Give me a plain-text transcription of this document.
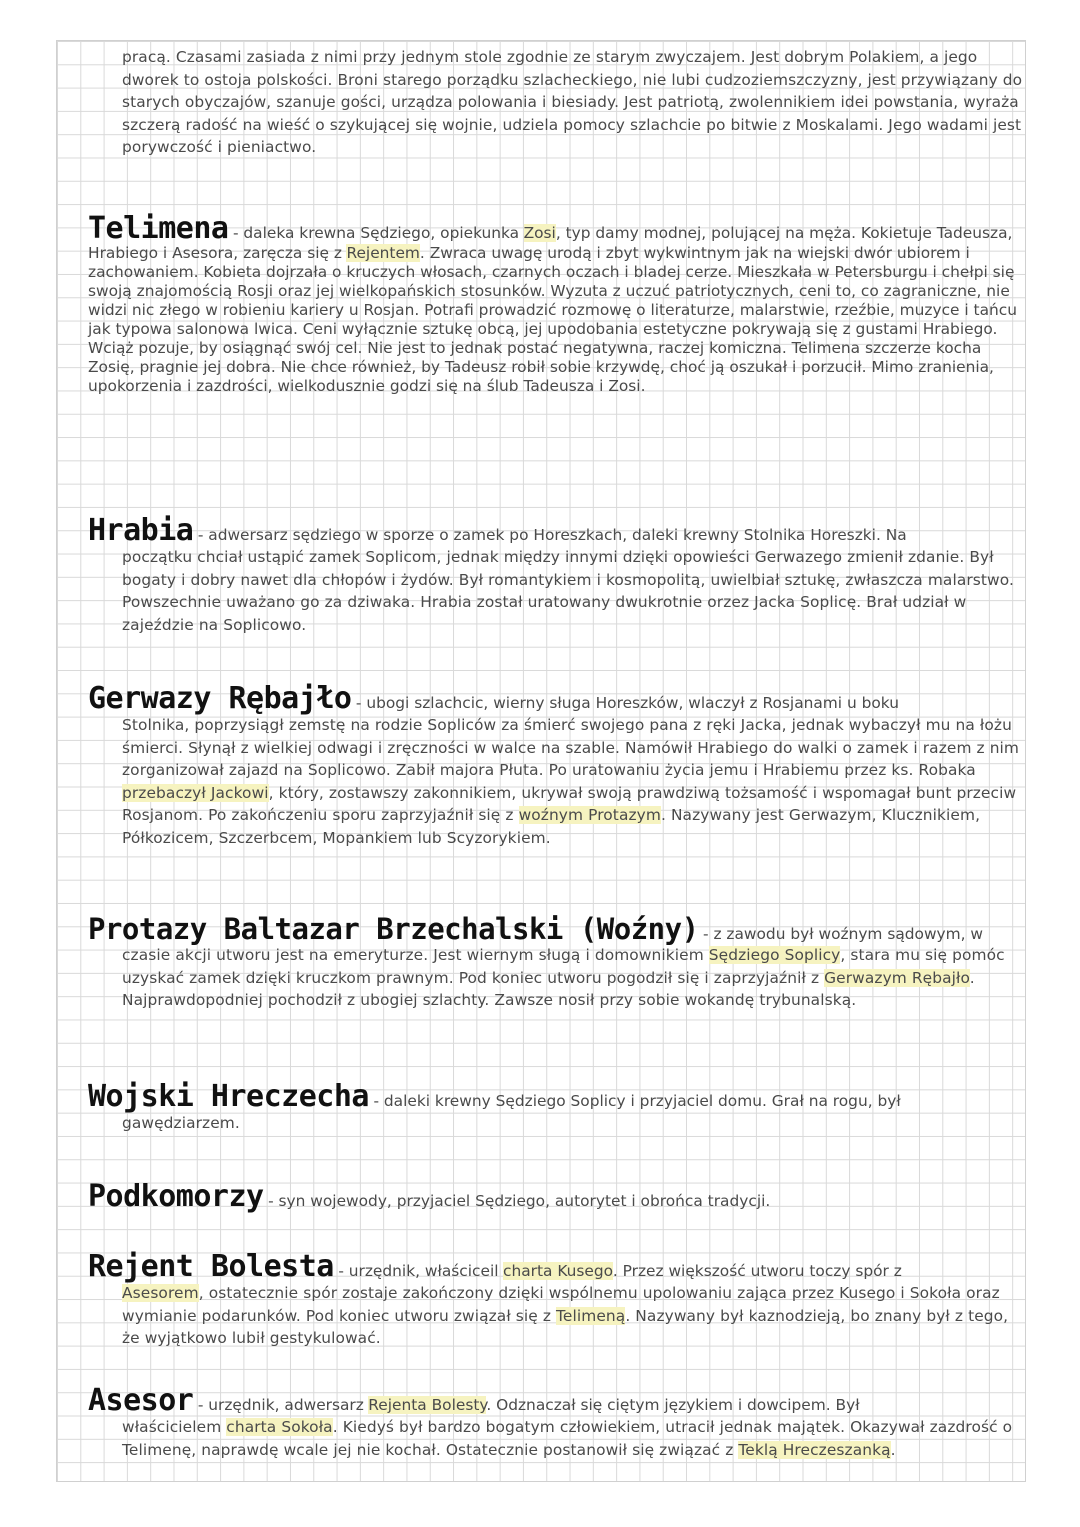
pracą. Czasami zasiada z nimi przy jednym stole zgodnie ze starym zwyczajem. Jest dobrym Polakiem, a jego dworek to ostoja polskości. Broni starego porządku szlacheckiego, nie lubi cudzoziemszczyzny, jest przywiązany do starych obyczajów, szanuje gości, urządza polowania i biesiady. Jest patriotą, zwolennikiem idei powstania, wyraża szczerą radość na wieść o szykującej się wojnie, udziela pomocy szlachcie po bitwie z Moskalami. Jego wadami jest porywczość i pieniactwo.

Telimena - daleka krewna Sędziego, opiekunka Zosi, typ damy modnej, polującej na męża. Kokietuje Tadeusza, Hrabiego i Asesora, zaręcza się z Rejentem. Zwraca uwagę urodą i zbyt wykwintnym jak na wiejski dwór ubiorem i zachowaniem. Kobieta dojrzała o kruczych włosach, czarnych oczach i bladej cerze. Mieszkała w Petersburgu i chełpi się swoją znajomością Rosji oraz jej wielkopańskich stosunków. Wyzuta z uczuć patriotycznych, ceni to, co zagraniczne, nie widzi nic złego w robieniu kariery u Rosjan. Potrafi prowadzić rozmowę o literaturze, malarstwie, rzeźbie, muzyce i tańcu jak typowa salonowa lwica. Ceni wyłącznie sztukę obcą, jej upodobania estetyczne pokrywają się z gustami Hrabiego. Wciąż pozuje, by osiągnąć swój cel. Nie jest to jednak postać negatywna, raczej komiczna. Telimena szczerze kocha Zosię, pragnie jej dobra. Nie chce również, by Tadeusz robił sobie krzywdę, choć ją oszukał i porzucił. Mimo zranienia, upokorzenia i zazdrości, wielkodusznie godzi się na ślub Tadeusza i Zosi.
Hrabia - adwersarz sędziego w sporze o zamek po Horeszkach, daleki krewny Stolnika Horeszki. Na

początku chciał ustąpić zamek Soplicom, jednak między innymi dzięki opowieści Gerwazego zmienił zdanie. Był bogaty i dobry nawet dla chłopów i żydów. Był romantykiem i kosmopolitą, uwielbiał sztukę, zwłaszcza malarstwo. Powszechnie uważano go za dziwaka. Hrabia został uratowany dwukrotnie orzez Jacka Soplicę. Brał udział w zajeździe na Soplicowo.

Gerwazy Rębajło - ubogi szlachcic, wierny sługa Horeszków, wlaczył z Rosjanami u boku

Stolnika, poprzysiągł zemstę na rodzie Sopliców za śmierć swojego pana z ręki Jacka, jednak wybaczył mu na łożu śmierci. Słynął z wielkiej odwagi i zręczności w walce na szable. Namówił Hrabiego do walki o zamek i razem z nim zorganizował zajazd na Soplicowo. Zabił majora Płuta. Po uratowaniu życia jemu i Hrabiemu przez ks. Robaka przebaczył Jackowi, który, zostawszy zakonnikiem, ukrywał swoją prawdziwą tożsamość i wspomagał bunt przeciw Rosjanom. Po zakończeniu sporu zaprzyjaźnił się z woźnym Protazym. Nazywany jest Gerwazym, Klucznikiem, Półkozicem, Szczerbcem, Mopankiem lub Scyzorykiem.

Protazy Baltazar Brzechalski (Woźny) - z zawodu był woźnym sądowym, w

czasie akcji utworu jest na emeryturze. Jest wiernym sługą i domownikiem Sędziego Soplicy, stara mu się pomóc uzyskać zamek dzięki kruczkom prawnym. Pod koniec utworu pogodził się i zaprzyjaźnił z Gerwazym Rębajło. Najprawdopodniej pochodził z ubogiej szlachty. Zawsze nosił przy sobie wokandę trybunalską.

Wojski Hreczecha - daleki krewny Sędziego Soplicy i przyjaciel domu. Grał na rogu, był

gawędziarzem.

Podkomorzy - syn wojewody, przyjaciel Sędziego, autorytet i obrońca tradycji.
Rejent Bolesta - urzędnik, właściceil charta Kusego. Przez większość utworu toczy spór z

Asesorem, ostatecznie spór zostaje zakończony dzięki wspólnemu upolowaniu zająca przez Kusego i Sokoła oraz wymianie podarunków. Pod koniec utworu związał się z Telimeną. Nazywany był kaznodzieją, bo znany był z tego, że wyjątkowo lubił gestykulować.

Asesor - urzędnik, adwersarz Rejenta Bolesty. Odznaczał się ciętym językiem i dowcipem. Był

właścicielem charta Sokoła. Kiedyś był bardzo bogatym człowiekiem, utracił jednak majątek. Okazywał zazdrość o Telimenę, naprawdę wcale jej nie kochał. Ostatecznie postanowił się związać z Teklą Hreczeszanką.
